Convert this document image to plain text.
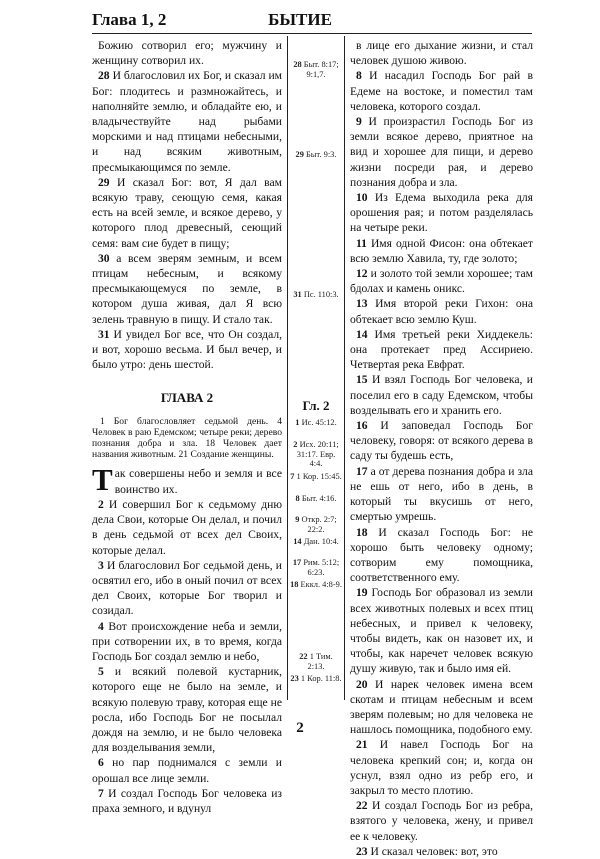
Глава 1, 2	БЫТИЕ

Божию сотворил его; мужчину и женщину сотворил их.

28 И благословил их Бог, и сказал им Бог: плодитесь и размножайтесь, и наполняйте землю, и обладайте ею, и владычествуйте над рыбами морскими и над птицами небесными, и над всяким животным, пресмыкающимся по земле.

29 И сказал Бог: вот, Я дал вам всякую траву, сеющую семя, какая есть на всей земле, и всякое дерево, у которого плод древесный, сеющий семя: вам сие будет в пищу;

30 а всем зверям земным, и всем птицам небесным, и всякому пресмыкающемуся по земле, в котором душа живая, дал Я всю зелень травную в пищу. И стало так.

31 И увидел Бог все, что Он создал, и вот, хорошо весьма. И был вечер, и было утро: день шестой.

ГЛАВА 2

1 Бог благословляет седьмой день. 4 Человек в раю Едемском; четыре реки; дерево познания добра и зла. 18 Человек дает названия животным. 21 Создание женщины.

Т ак совершены небо и земля и все воинство их.

2 И совершил Бог к седьмому дню дела Свои, которые Он делал, и почил в день седьмой от всех дел Своих, которые делал.

3 И благословил Бог седьмой день, и освятил его, ибо в оный почил от всех дел Своих, которые Бог творил и созидал.

4 Вот происхождение неба и земли, при сотворении их, в то время, когда Господь Бог создал землю и небо,

5 и всякий полевой кустарник, которого еще не было на земле, и всякую полевую траву, которая еще не росла, ибо Господь Бог не посылал дождя на землю, и не было человека для возделывания земли,

6 но пар поднимался с земли и орошал все лице земли.

7 И создал Господь Бог человека из праха земного, и вдунул

28 Быт. 8:17; 9:1,7.
29 Быт. 9:3.
31 Пс. 110:3.
1 Ис. 45:12.
2 Исх. 20:11; 31:17. Евр. 4:4.
7 1 Кор. 15:45.
8 Быт. 4:16.
9 Откр. 2:7; 22:2.
14 Дан. 10:4.
17 Рим. 5:12; 6:23.
18 Еккл. 4:8-9.
22 1 Тим. 2:13.
23 1 Кор. 11:8.
Гл. 2

в лице его дыхание жизни, и стал человек душою живою.

8 И насадил Господь Бог рай в Едеме на востоке, и поместил там человека, которого создал.

9 И произрастил Господь Бог из земли всякое дерево, приятное на вид и хорошее для пищи, и дерево жизни посреди рая, и дерево познания добра и зла.

10 Из Едема выходила река для орошения рая; и потом разделялась на четыре реки.

11 Имя одной Фисон: она обтекает всю землю Хавила, ту, где золото;

12 и золото той земли хорошее; там бдолах и камень оникс.

13 Имя второй реки Гихон: она обтекает всю землю Куш.

14 Имя третьей реки Хиддекель: она протекает пред Ассириею. Четвертая река Евфрат.

15 И взял Господь Бог человека, и поселил его в саду Едемском, чтобы возделывать его и хранить его.

16 И заповедал Господь Бог человеку, говоря: от всякого дерева в саду ты будешь есть,

17 а от дерева познания добра и зла не ешь от него, ибо в день, в который ты вкусишь от него, смертью умрешь.

18 И сказал Господь Бог: не хорошо быть человеку одному; сотворим ему помощника, соответственного ему.

19 Господь Бог образовал из земли всех животных полевых и всех птиц небесных, и привел к человеку, чтобы видеть, как он назовет их, и чтобы, как наречет человек всякую душу живую, так и было имя ей.

20 И нарек человек имена всем скотам и птицам небесным и всем зверям полевым; но для человека не нашлось помощника, подобного ему.

21 И навел Господь Бог на человека крепкий сон; и, когда он уснул, взял одно из ребр его, и закрыл то место плотию.

22 И создал Господь Бог из ребра, взятого у человека, жену, и привел ее к человеку.

23 И сказал человек: вот, это

2
